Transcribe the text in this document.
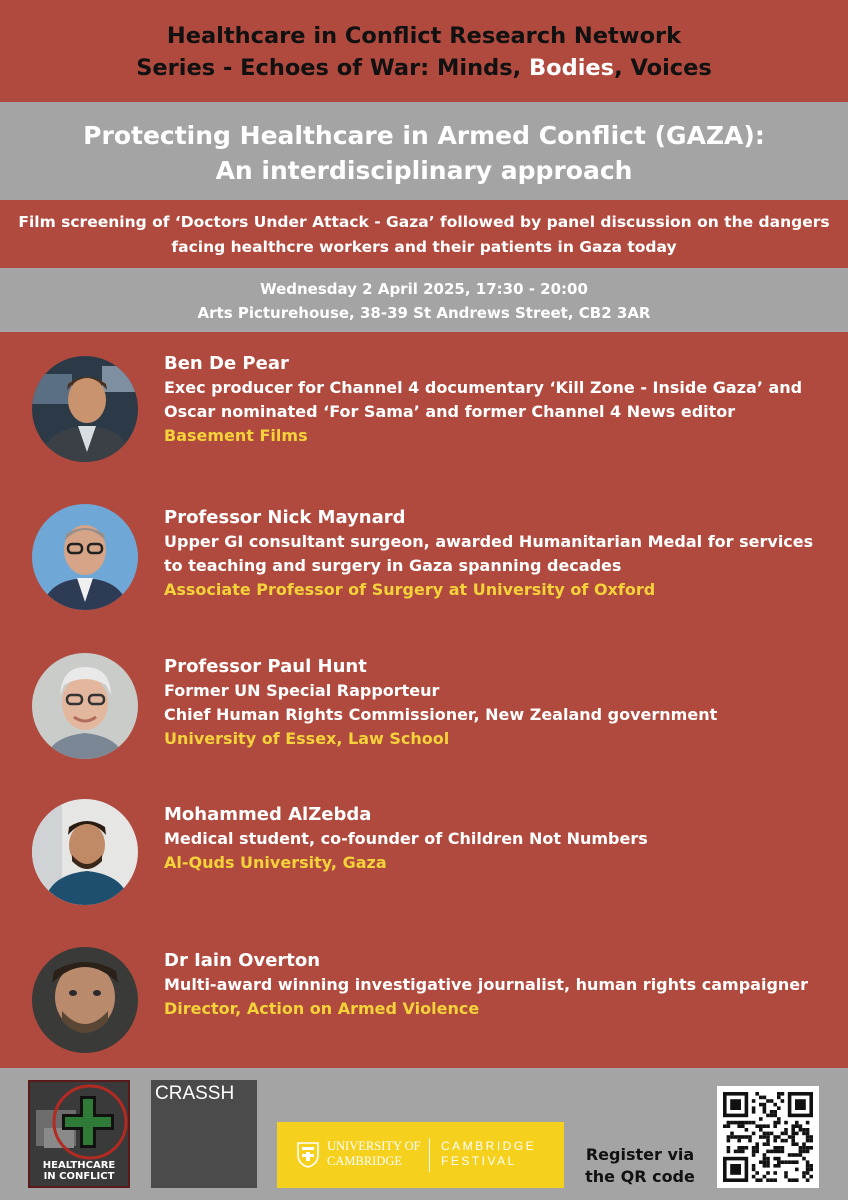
Healthcare in Conflict Research Network
Series - Echoes of War: Minds, Bodies, Voices
Protecting Healthcare in Armed Conflict (GAZA):
An interdisciplinary approach
Film screening of ‘Doctors Under Attack - Gaza’ followed by panel discussion on the dangers
facing healthcre workers and their patients in Gaza today
Wednesday 2 April 2025, 17:30 - 20:00
Arts Picturehouse, 38-39 St Andrews Street, CB2 3AR
Ben De Pear
Exec producer for Channel 4 documentary ‘Kill Zone - Inside Gaza’ and
Oscar nominated ‘For Sama’ and former Channel 4 News editor
Basement Films
Professor Nick Maynard
Upper GI consultant surgeon, awarded Humanitarian Medal for services
to teaching and surgery in Gaza spanning decades
Associate Professor of Surgery at University of Oxford
Professor Paul Hunt
Former UN Special Rapporteur
Chief Human Rights Commissioner, New Zealand government
University of Essex, Law School
Mohammed AlZebda
Medical student, co-founder of Children Not Numbers
Al-Quds University, Gaza
Dr Iain Overton
Multi-award winning investigative journalist, human rights campaigner
Director, Action on Armed Violence
HEALTHCARE
IN CONFLICT
CRASSH
UNIVERSITY OF
CAMBRIDGE
CAMBRIDGE
FESTIVAL	Register via
the QR code
